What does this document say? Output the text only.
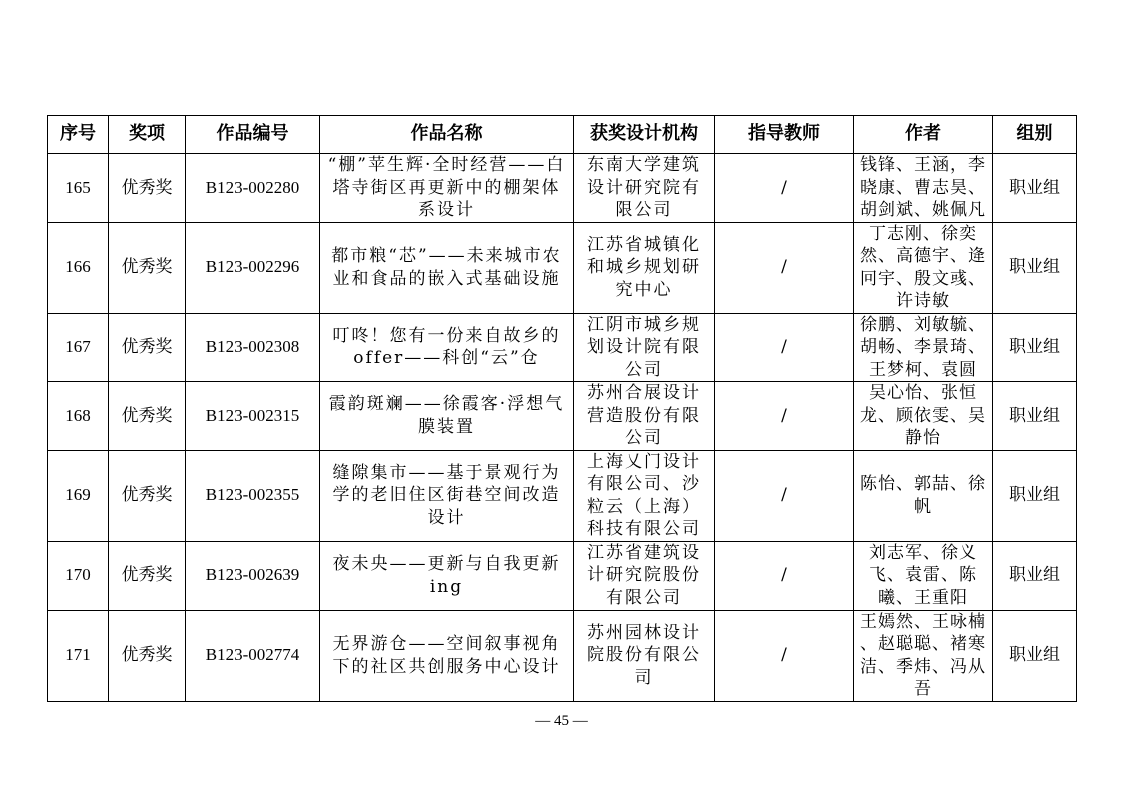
序号	奖项	作品编号	作品名称	获奖设计机构	指导教师	作者	组别
165	优秀奖	B123-002280	“棚”苹生辉·全时经营——白塔寺街区再更新中的棚架体系设计	东南大学建筑设计研究院有限公司	/	钱锋、王涵，李晓康、曹志昊、胡剑斌、姚佩凡	职业组
166	优秀奖	B123-002296	都市粮“芯”——未来城市农业和食品的嵌入式基础设施	江苏省城镇化和城乡规划研究中心	/	丁志刚、徐奕然、高德宇、逄冋宇、殷文彧、许诗敏	职业组
167	优秀奖	B123-002308	叮咚！您有一份来自故乡的offer——科创“云”仓	江阴市城乡规划设计院有限公司	/	徐鹏、刘敏毓、胡畅、李景琦、王梦柯、袁圆	职业组
168	优秀奖	B123-002315	霞韵斑斓——徐霞客·浮想气膜装置	苏州合展设计营造股份有限公司	/	吴心怡、张恒龙、顾依雯、吴静怡	职业组
169	优秀奖	B123-002355	缝隙集市——基于景观行为学的老旧住区街巷空间改造设计	上海乂门设计有限公司、沙粒云（上海）科技有限公司	/	陈怡、郭喆、徐帆	职业组
170	优秀奖	B123-002639	夜未央——更新与自我更新ing	江苏省建筑设计研究院股份有限公司	/	刘志军、徐义飞、袁雷、陈曦、王重阳	职业组
171	优秀奖	B123-002774	无界游仓——空间叙事视角下的社区共创服务中心设计	苏州园林设计院股份有限公司	/	王嫣然、王咏楠 、赵聪聪、褚寒洁、季炜、冯从吾	职业组
— 45 —
